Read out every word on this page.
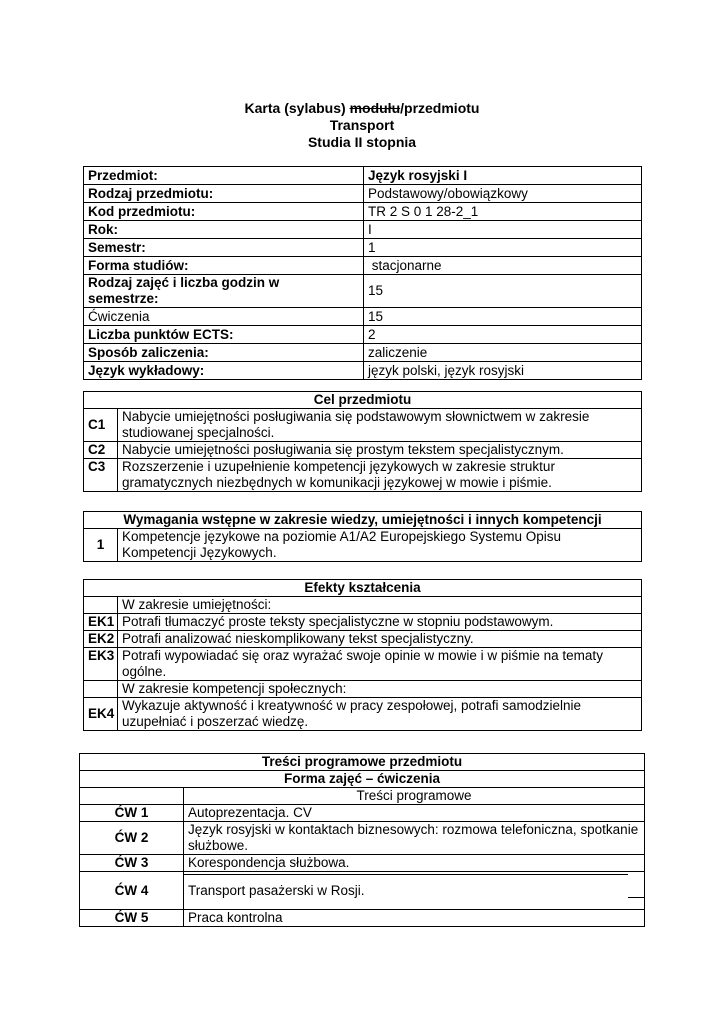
Karta (sylabus) modułu/przedmiotu
Transport
Studia II stopnia
Przedmiot:	Język rosyjski I
Rodzaj przedmiotu:	Podstawowy/obowiązkowy
Kod przedmiotu:	TR 2 S 0 1 28-2_1
Rok:	I
Semestr:	1
Forma studiów:	stacjonarne
Rodzaj zajęć i liczba godzin w semestrze:	15
Ćwiczenia	15
Liczba punktów ECTS:	2
Sposób zaliczenia:	zaliczenie
Język wykładowy:	język polski, język rosyjski
Cel przedmiotu	
C1	Nabycie umiejętności posługiwania się podstawowym słownictwem w zakresie studiowanej specjalności.
C2	Nabycie umiejętności posługiwania się prostym tekstem specjalistycznym.
C3	Rozszerzenie i uzupełnienie kompetencji językowych w zakresie struktur gramatycznych niezbędnych w komunikacji językowej w mowie i piśmie.
Wymagania wstępne w zakresie wiedzy, umiejętności i innych kompetencji
1	Kompetencje językowe na poziomie A1/A2 Europejskiego Systemu Opisu Kompetencji Językowych.
Efekty kształcenia	
	W zakresie umiejętności:
EK1	Potrafi tłumaczyć proste teksty specjalistyczne w stopniu podstawowym.
EK2	Potrafi analizować nieskomplikowany tekst specjalistyczny.
EK3	Potrafi wypowiadać się oraz wyrażać swoje opinie w mowie i w piśmie na tematy ogólne.
	W zakresie kompetencji społecznych:
EK4	Wykazuje aktywność i kreatywność w pracy zespołowej, potrafi samodzielnie uzupełniać i poszerzać wiedzę.
Treści programowe przedmiotu	
Forma zajęć – ćwiczenia	
	Treści programowe
ĆW 1	Autoprezentacja. CV
ĆW 2	Język rosyjski w kontaktach biznesowych: rozmowa telefoniczna, spotkanie służbowe.
ĆW 3	Korespondencja służbowa.
ĆW 4	Transport pasażerski w Rosji.
ĆW 5	Praca kontrolna
